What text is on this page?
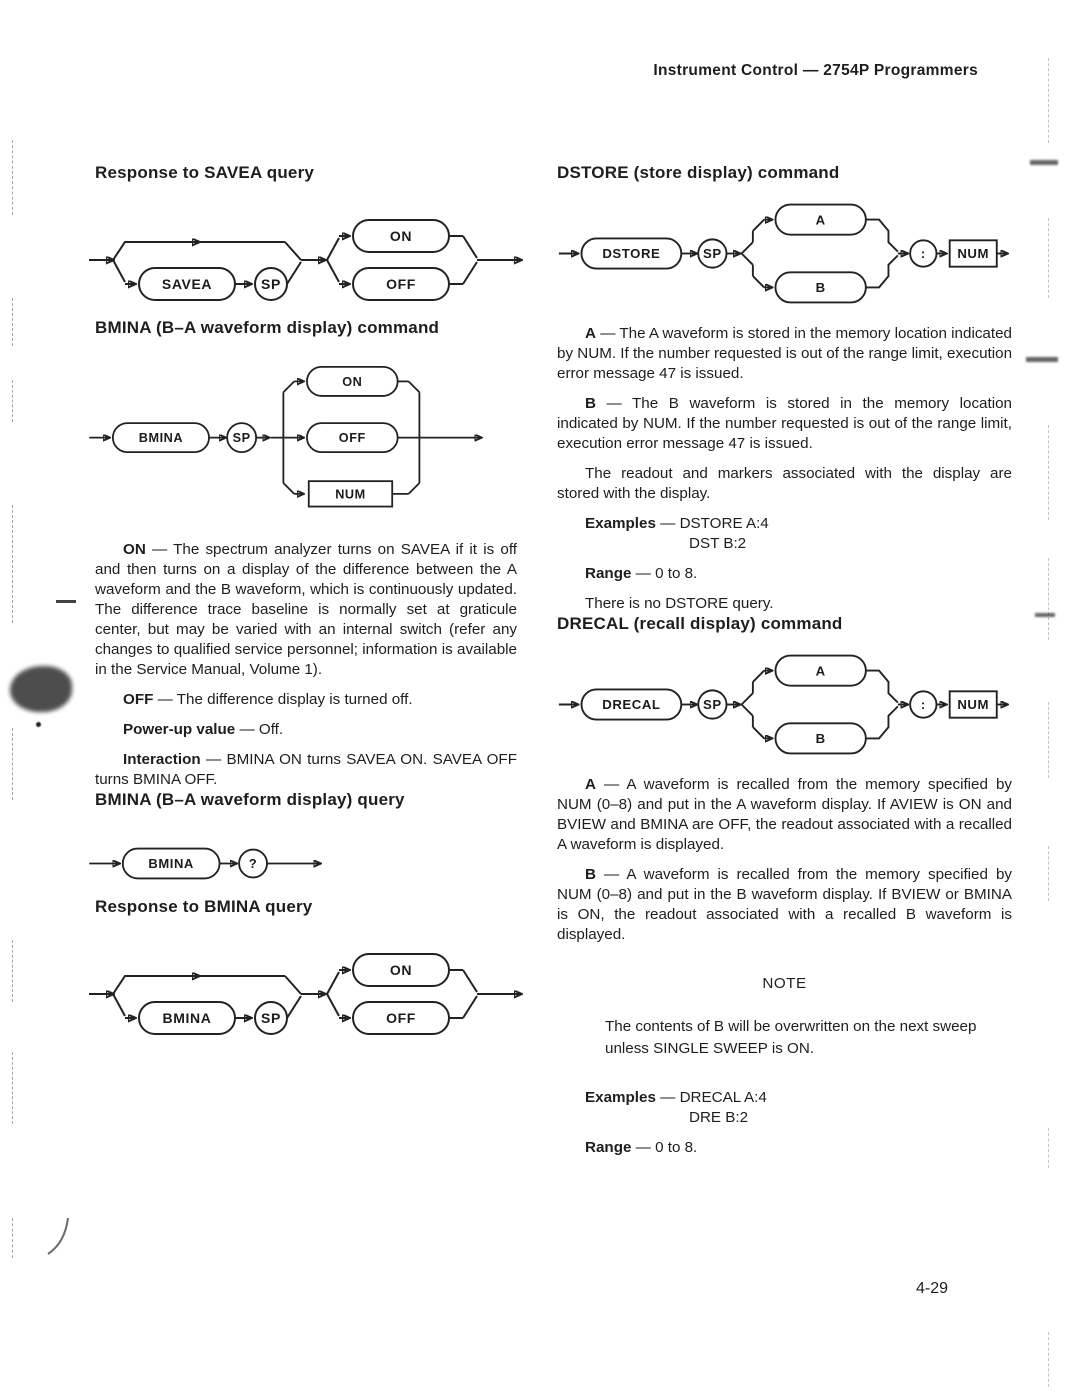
Instrument Control — 2754P Programmers
Response to SAVEA query
SAVEA	SP
ON
OFF
BMINA (B–A waveform display) command
BMINA	SP
ON
OFF
NUM

ON — The spectrum analyzer turns on SAVEA if it is off and then turns on a display of the difference between the A waveform and the B waveform, which is continuously updated. The difference trace baseline is normally set at graticule center, but may be varied with an internal switch (refer any changes to qualified service personnel; information is available in the Service Manual, Volume 1).

OFF — The difference display is turned off.

Power-up value — Off.

Interaction — BMINA ON turns SAVEA ON. SAVEA OFF turns BMINA OFF.

BMINA (B–A waveform display) query
BMINA	?
Response to BMINA query
BMINA	SP
ON
OFF
DSTORE (store display) command
DSTORE	SP
A
B
: NUM

A — The A waveform is stored in the memory location indicated by NUM. If the number requested is out of the range limit, execution error message 47 is issued.

B — The B waveform is stored in the memory location indicated by NUM. If the number requested is out of the range limit, execution error message 47 is issued.

The readout and markers associated with the display are stored with the display.

Examples — DSTORE A:4
DST B:2

Range — 0 to 8.

There is no DSTORE query.

DRECAL (recall display) command
DRECAL	SP
A
B
: NUM

A — A waveform is recalled from the memory specified by NUM (0–8) and put in the A waveform display. If AVIEW is ON and BVIEW and BMINA are OFF, the readout associated with a recalled A waveform is displayed.

B — A waveform is recalled from the memory specified by NUM (0–8) and put in the B waveform display. If BVIEW or BMINA is ON, the readout associated with a recalled B waveform is displayed.

NOTE
The contents of B will be overwritten on the next sweep unless SINGLE SWEEP is ON.

Examples — DRECAL A:4
DRE B:2

Range — 0 to 8.

4-29
